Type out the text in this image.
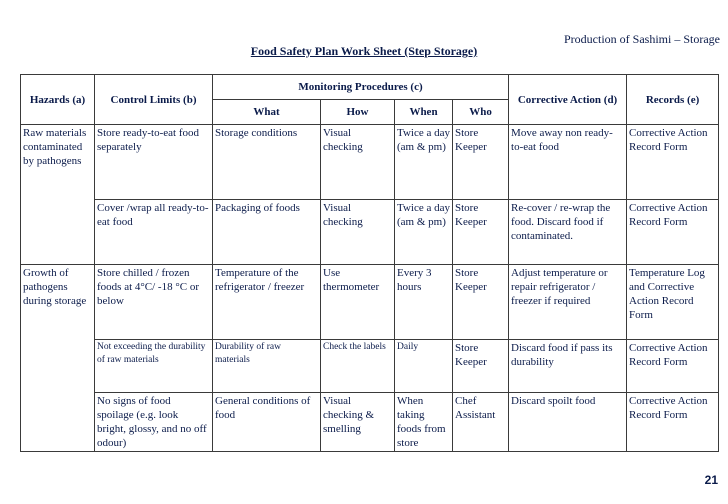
Production of Sashimi – Storage
Food Safety Plan Work Sheet (Step Storage)
Hazards (a)	Control Limits (b)	Monitoring Procedures (c)				Corrective Action (d)	Records (e)
		What	How	When	Who		
Raw materials contaminated by pathogens	Store ready-to-eat food separately	Storage conditions	Visual checking	Twice a day (am & pm)	Store Keeper	Move away non ready-to-eat food	Corrective Action Record Form
	Cover /wrap all ready-to-eat food	Packaging of foods	Visual checking	Twice a day (am & pm)	Store Keeper	Re-cover / re-wrap the food. Discard food if contaminated.	Corrective Action Record Form
Growth of pathogens during storage	Store chilled / frozen foods at 4°C/ -18 °C or below	Temperature of the refrigerator / freezer	Use thermometer	Every 3 hours	Store Keeper	Adjust temperature or repair refrigerator / freezer if required	Temperature Log and Corrective Action Record Form
	Not exceeding the durability of raw materials	Durability of raw materials	Check the labels	Daily	Store Keeper	Discard food if pass its durability	Corrective Action Record Form
	No signs of food spoilage (e.g. look bright, glossy, and no off odour)	General conditions of food	Visual checking & smelling	When taking foods from store	Chef Assistant	Discard spoilt food	Corrective Action Record Form
21
